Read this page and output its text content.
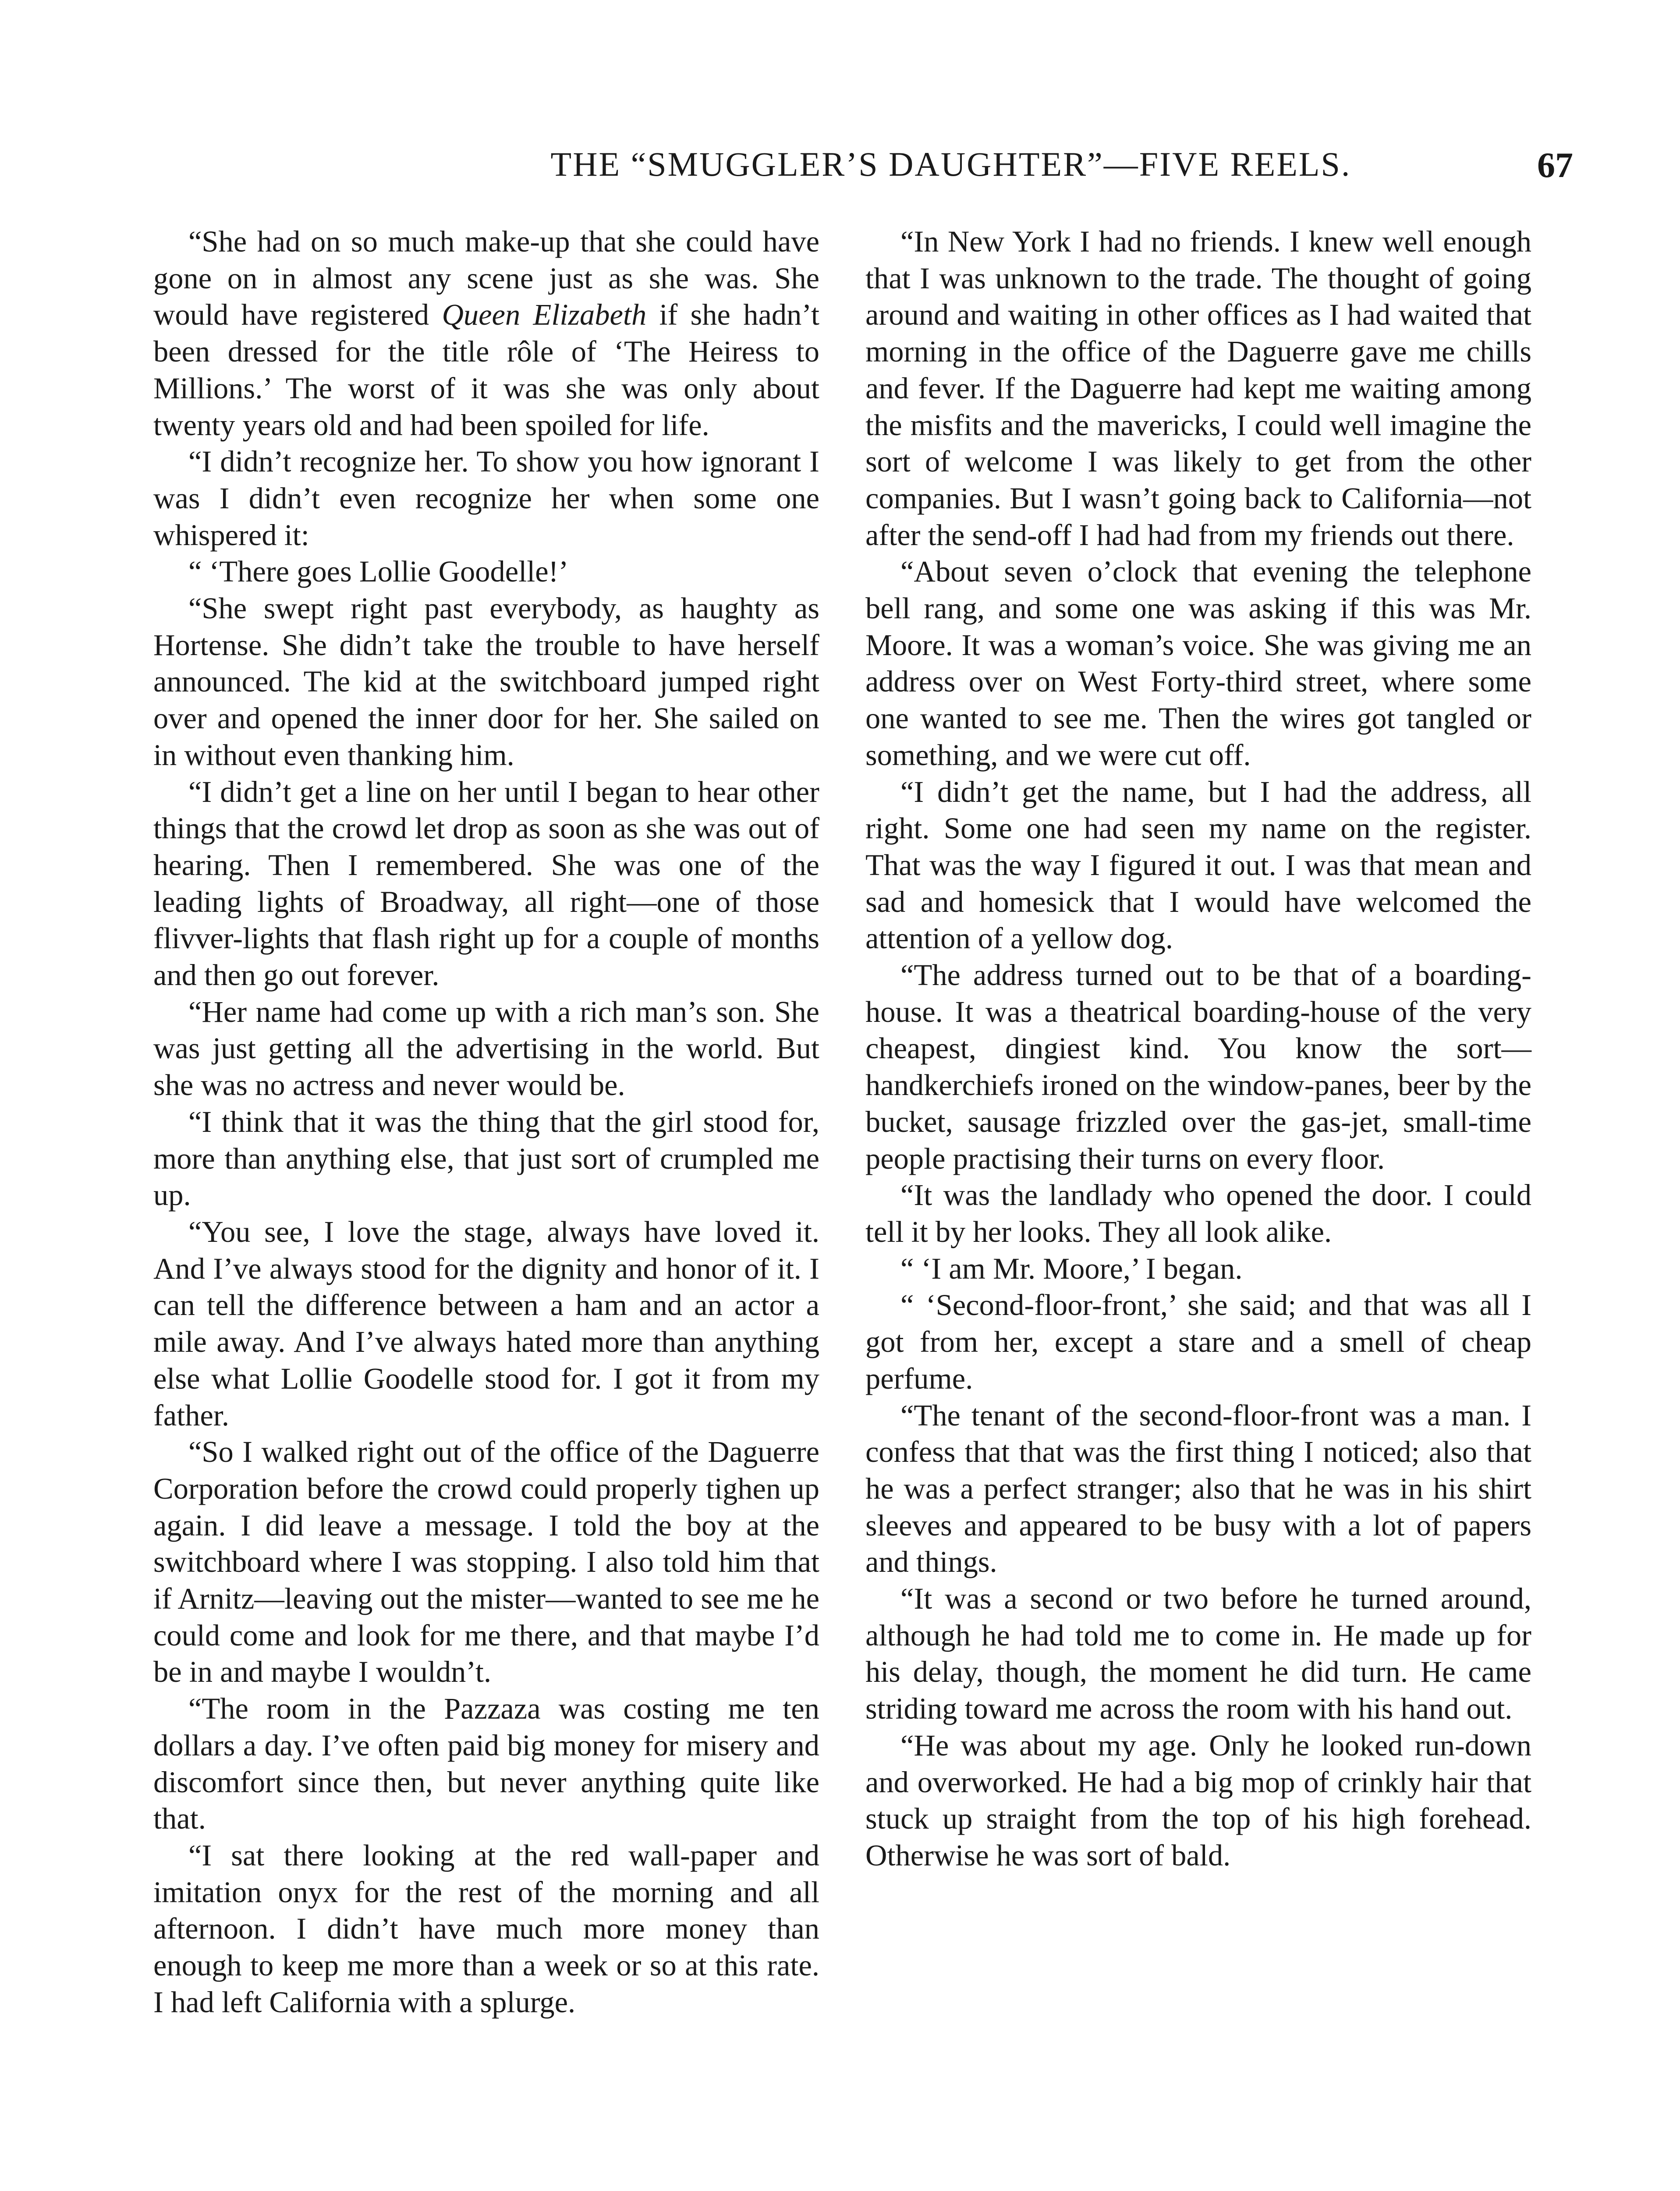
THE “SMUGGLER’S DAUGHTER”—FIVE REELS.	67

“She had on so much make-up that she could have gone on in almost any scene just as she was. She would have registered Queen Elizabeth if she hadn’t been dressed for the title rôle of ‘The Heiress to Millions.’ The worst of it was she was only about twenty years old and had been spoiled for life.

“I didn’t recognize her. To show you how ignorant I was I didn’t even recognize her when some one whispered it:

“ ‘There goes Lollie Goodelle!’

“She swept right past everybody, as haughty as Hortense. She didn’t take the trouble to have herself announced. The kid at the switchboard jumped right over and opened the inner door for her. She sailed on in without even thanking him.

“I didn’t get a line on her until I began to hear other things that the crowd let drop as soon as she was out of hearing. Then I remembered. She was one of the leading lights of Broadway, all right—one of those flivver-lights that flash right up for a couple of months and then go out forever.

“Her name had come up with a rich man’s son. She was just getting all the advertising in the world. But she was no actress and never would be.

“I think that it was the thing that the girl stood for, more than anything else, that just sort of crumpled me up.

“You see, I love the stage, always have loved it. And I’ve always stood for the dignity and honor of it. I can tell the difference between a ham and an actor a mile away. And I’ve always hated more than anything else what Lollie Goodelle stood for. I got it from my father.

“So I walked right out of the office of the Daguerre Corporation before the crowd could properly tighen up again. I did leave a message. I told the boy at the switchboard where I was stopping. I also told him that if Arnitz—leaving out the mister—wanted to see me he could come and look for me there, and that maybe I’d be in and maybe I wouldn’t.

“The room in the Pazzaza was costing me ten dollars a day. I’ve often paid big money for misery and discomfort since then, but never anything quite like that.

“I sat there looking at the red wall-paper and imitation onyx for the rest of the morning and all afternoon. I didn’t have much more money than enough to keep me more than a week or so at this rate. I had left California with a splurge.

“In New York I had no friends. I knew well enough that I was unknown to the trade. The thought of going around and waiting in other offices as I had waited that morning in the office of the Daguerre gave me chills and fever. If the Daguerre had kept me waiting among the misfits and the mavericks, I could well imagine the sort of welcome I was likely to get from the other companies. But I wasn’t going back to California—not after the send-off I had had from my friends out there.

“About seven o’clock that evening the telephone bell rang, and some one was asking if this was Mr. Moore. It was a woman’s voice. She was giving me an address over on West Forty-third street, where some one wanted to see me. Then the wires got tangled or something, and we were cut off.

“I didn’t get the name, but I had the address, all right. Some one had seen my name on the register. That was the way I figured it out. I was that mean and sad and homesick that I would have welcomed the attention of a yellow dog.

“The address turned out to be that of a boarding-house. It was a theatrical boarding-house of the very cheapest, dingiest kind. You know the sort—handkerchiefs ironed on the window-panes, beer by the bucket, sausage frizzled over the gas-jet, small-time people practising their turns on every floor.

“It was the landlady who opened the door. I could tell it by her looks. They all look alike.

“ ‘I am Mr. Moore,’ I began.

“ ‘Second-floor-front,’ she said; and that was all I got from her, except a stare and a smell of cheap perfume.

“The tenant of the second-floor-front was a man. I confess that that was the first thing I noticed; also that he was a perfect stranger; also that he was in his shirt sleeves and appeared to be busy with a lot of papers and things.

“It was a second or two before he turned around, although he had told me to come in. He made up for his delay, though, the moment he did turn. He came striding toward me across the room with his hand out.

“He was about my age. Only he looked run-down and overworked. He had a big mop of crinkly hair that stuck up straight from the top of his high forehead. Otherwise he was sort of bald.
